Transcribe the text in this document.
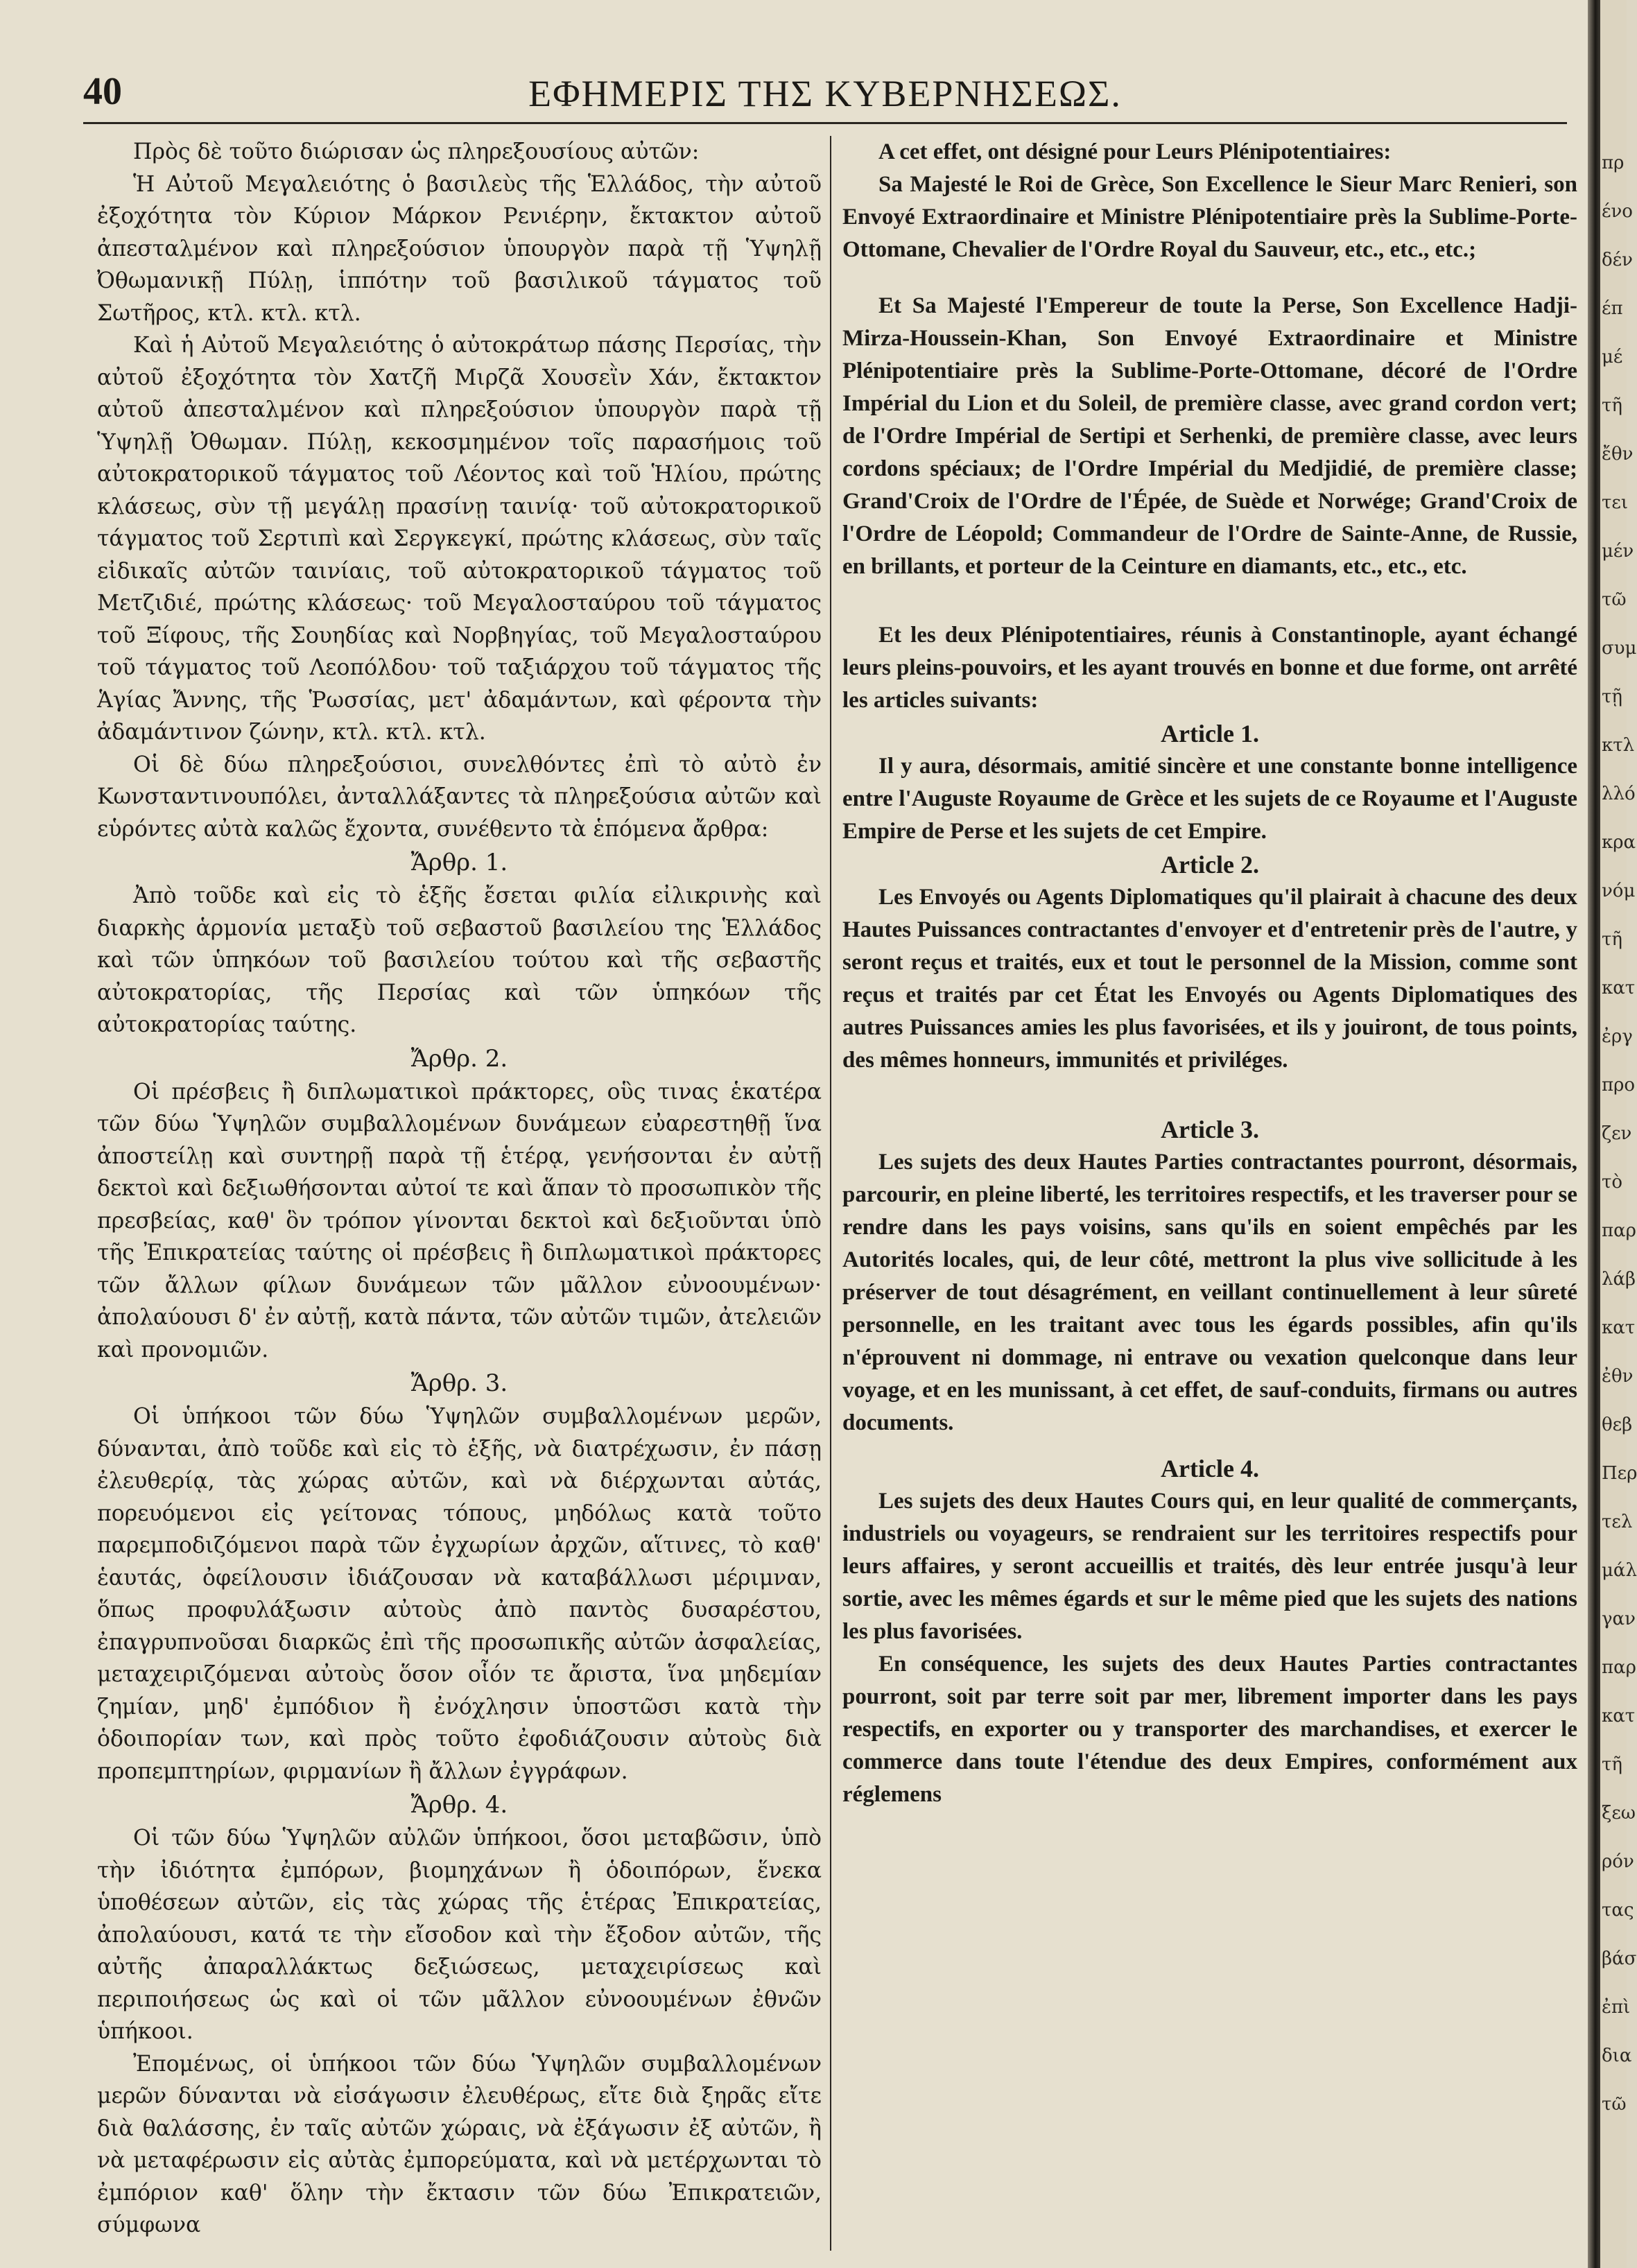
40	ΕΦΗΜΕΡΙΣ ΤΗΣ ΚΥΒΕΡΝΗΣΕΩΣ.

Πρὸς δὲ τοῦτο διώρισαν ὡς πληρεξουσίους αὐτῶν:

Ἡ Αὐτοῦ Μεγαλειότης ὁ βασιλεὺς τῆς Ἑλλάδος, τὴν αὐτοῦ ἐξοχότητα τὸν Κύριον Μάρκον Ρενιέρην, ἔκτακτον αὐτοῦ ἀπεσταλμένον καὶ πληρεξούσιον ὑπουργὸν παρὰ τῇ Ὑψηλῇ Ὀθωμανικῇ Πύλῃ, ἱππότην τοῦ βασιλικοῦ τάγματος τοῦ Σωτῆρος, κτλ. κτλ. κτλ.

Καὶ ἡ Αὐτοῦ Μεγαλειότης ὁ αὐτοκράτωρ πάσης Περσίας, τὴν αὐτοῦ ἐξοχότητα τὸν Χατζῆ Μιρζᾶ Χουσεῒν Χάν, ἔκτακτον αὐτοῦ ἀπεσταλμένον καὶ πληρεξούσιον ὑπουργὸν παρὰ τῇ Ὑψηλῇ Ὀθωμαν. Πύλῃ, κεκοσμημένον τοῖς παρασήμοις τοῦ αὐτοκρατορικοῦ τάγματος τοῦ Λέοντος καὶ τοῦ Ἡλίου, πρώτης κλάσεως, σὺν τῇ μεγάλῃ πρασίνῃ ταινίᾳ· τοῦ αὐτοκρατορικοῦ τάγματος τοῦ Σερτιπὶ καὶ Σεργκεγκί, πρώτης κλάσεως, σὺν ταῖς εἰδικαῖς αὐτῶν ταινίαις, τοῦ αὐτοκρατορικοῦ τάγματος τοῦ Μετζιδιέ, πρώτης κλάσεως· τοῦ Μεγαλοσταύρου τοῦ τάγματος τοῦ Ξίφους, τῆς Σουηδίας καὶ Νορβηγίας, τοῦ Μεγαλοσταύρου τοῦ τάγματος τοῦ Λεοπόλδου· τοῦ ταξιάρχου τοῦ τάγματος τῆς Ἁγίας Ἄννης, τῆς Ῥωσσίας, μετ' ἀδαμάντων, καὶ φέροντα τὴν ἀδαμάντινον ζώνην, κτλ. κτλ. κτλ.

Οἱ δὲ δύω πληρεξούσιοι, συνελθόντες ἐπὶ τὸ αὐτὸ ἐν Κωνσταντινουπόλει, ἀνταλλάξαντες τὰ πληρεξούσια αὐτῶν καὶ εὑρόντες αὐτὰ καλῶς ἔχοντα, συνέθεντο τὰ ἑπόμενα ἄρθρα:

Ἄρθρ. 1.

Ἀπὸ τοῦδε καὶ εἰς τὸ ἑξῆς ἔσεται φιλία εἰλικρινὴς καὶ διαρκὴς ἁρμονία μεταξὺ τοῦ σεβαστοῦ βασιλείου της Ἑλλάδος καὶ τῶν ὑπηκόων τοῦ βασιλείου τούτου καὶ τῆς σεβαστῆς αὐτοκρατορίας, τῆς Περσίας καὶ τῶν ὑπηκόων τῆς αὐτοκρατορίας ταύτης.

Ἄρθρ. 2.

Οἱ πρέσβεις ἢ διπλωματικοὶ πράκτορες, οὓς τινας ἑκατέρα τῶν δύω Ὑψηλῶν συμβαλλομένων δυνάμεων εὐαρεστηθῇ ἵνα ἀποστείλῃ καὶ συντηρῇ παρὰ τῇ ἑτέρᾳ, γενήσονται ἐν αὐτῇ δεκτοὶ καὶ δεξιωθήσονται αὐτοί τε καὶ ἅπαν τὸ προσωπικὸν τῆς πρεσβείας, καθ' ὃν τρόπον γίνονται δεκτοὶ καὶ δεξιοῦνται ὑπὸ τῆς Ἐπικρατείας ταύτης οἱ πρέσβεις ἢ διπλωματικοὶ πράκτορες τῶν ἄλλων φίλων δυνάμεων τῶν μᾶλλον εὐνοουμένων· ἀπολαύουσι δ' ἐν αὐτῇ, κατὰ πάντα, τῶν αὐτῶν τιμῶν, ἀτελειῶν καὶ προνομιῶν.

Ἄρθρ. 3.

Οἱ ὑπήκοοι τῶν δύω Ὑψηλῶν συμβαλλομένων μερῶν, δύνανται, ἀπὸ τοῦδε καὶ εἰς τὸ ἑξῆς, νὰ διατρέχωσιν, ἐν πάσῃ ἐλευθερίᾳ, τὰς χώρας αὐτῶν, καὶ νὰ διέρχωνται αὐτάς, πορευόμενοι εἰς γείτονας τόπους, μηδόλως κατὰ τοῦτο παρεμποδιζόμενοι παρὰ τῶν ἐγχωρίων ἀρχῶν, αἵτινες, τὸ καθ' ἑαυτάς, ὀφείλουσιν ἰδιάζουσαν νὰ καταβάλλωσι μέριμναν, ὅπως προφυλάξωσιν αὐτοὺς ἀπὸ παντὸς δυσαρέστου, ἐπαγρυπνοῦσαι διαρκῶς ἐπὶ τῆς προσωπικῆς αὐτῶν ἀσφαλείας, μεταχειριζόμεναι αὐτοὺς ὅσον οἷόν τε ἄριστα, ἵνα μηδεμίαν ζημίαν, μηδ' ἐμπόδιον ἢ ἐνόχλησιν ὑποστῶσι κατὰ τὴν ὁδοιπορίαν των, καὶ πρὸς τοῦτο ἐφοδιάζουσιν αὐτοὺς διὰ προπεμπτηρίων, φιρμανίων ἢ ἄλλων ἐγγράφων.

Ἄρθρ. 4.

Οἱ τῶν δύω Ὑψηλῶν αὐλῶν ὑπήκοοι, ὅσοι μεταβῶσιν, ὑπὸ τὴν ἰδιότητα ἐμπόρων, βιομηχάνων ἢ ὁδοιπόρων, ἕνεκα ὑποθέσεων αὐτῶν, εἰς τὰς χώρας τῆς ἑτέρας Ἐπικρατείας, ἀπολαύουσι, κατά τε τὴν εἴσοδον καὶ τὴν ἔξοδον αὐτῶν, τῆς αὐτῆς ἀπαραλλάκτως δεξιώσεως, μεταχειρίσεως καὶ περιποιήσεως ὡς καὶ οἱ τῶν μᾶλλον εὐνοουμένων ἐθνῶν ὑπήκοοι.

Ἐπομένως, οἱ ὑπήκοοι τῶν δύω Ὑψηλῶν συμβαλλομένων μερῶν δύνανται νὰ εἰσάγωσιν ἐλευθέρως, εἴτε διὰ ξηρᾶς εἴτε διὰ θαλάσσης, ἐν ταῖς αὐτῶν χώραις, νὰ ἐξάγωσιν ἐξ αὐτῶν, ἢ νὰ μεταφέρωσιν εἰς αὐτὰς ἐμπορεύματα, καὶ νὰ μετέρχωνται τὸ ἐμπόριον καθ' ὅλην τὴν ἔκτασιν τῶν δύω Ἐπικρατειῶν, σύμφωνα

A cet effet, ont désigné pour Leurs Plénipotentiaires:

Sa Majesté le Roi de Grèce, Son Excellence le Sieur Marc Renieri, son Envoyé Extraordinaire et Ministre Plénipotentiaire près la Sublime-Porte-Ottomane, Chevalier de l'Ordre Royal du Sauveur, etc., etc., etc.;

Et Sa Majesté l'Empereur de toute la Perse, Son Excellence Hadji-Mirza-Houssein-Khan, Son Envoyé Extraordinaire et Ministre Plénipotentiaire près la Sublime-Porte-Ottomane, décoré de l'Ordre Impérial du Lion et du Soleil, de première classe, avec grand cordon vert; de l'Ordre Impérial de Sertipi et Serhenki, de première classe, avec leurs cordons spéciaux; de l'Ordre Impérial du Medjidié, de première classe; Grand'Croix de l'Ordre de l'Épée, de Suède et Norwége; Grand'Croix de l'Ordre de Léopold; Commandeur de l'Ordre de Sainte-Anne, de Russie, en brillants, et porteur de la Ceinture en diamants, etc., etc., etc.

Et les deux Plénipotentiaires, réunis à Constantinople, ayant échangé leurs pleins-pouvoirs, et les ayant trouvés en bonne et due forme, ont arrêté les articles suivants:

Article 1.

Il y aura, désormais, amitié sincère et une constante bonne intelligence entre l'Auguste Royaume de Grèce et les sujets de ce Royaume et l'Auguste Empire de Perse et les sujets de cet Empire.

Article 2.

Les Envoyés ou Agents Diplomatiques qu'il plairait à chacune des deux Hautes Puissances contractantes d'envoyer et d'entretenir près de l'autre, y seront reçus et traités, eux et tout le personnel de la Mission, comme sont reçus et traités par cet État les Envoyés ou Agents Diplomatiques des autres Puissances amies les plus favorisées, et ils y jouiront, de tous points, des mêmes honneurs, immunités et priviléges.

Article 3.

Les sujets des deux Hautes Parties contractantes pourront, désormais, parcourir, en pleine liberté, les territoires respectifs, et les traverser pour se rendre dans les pays voisins, sans qu'ils en soient empêchés par les Autorités locales, qui, de leur côté, mettront la plus vive sollicitude à les préserver de tout désagrément, en veillant continuellement à leur sûreté personnelle, en les traitant avec tous les égards possibles, afin qu'ils n'éprouvent ni dommage, ni entrave ou vexation quelconque dans leur voyage, et en les munissant, à cet effet, de sauf-conduits, firmans ou autres documents.

Article 4.

Les sujets des deux Hautes Cours qui, en leur qualité de commerçants, industriels ou voyageurs, se rendraient sur les territoires respectifs pour leurs affaires, y seront accueillis et traités, dès leur entrée jusqu'à leur sortie, avec les mêmes égards et sur le même pied que les sujets des nations les plus favorisées.

En conséquence, les sujets des deux Hautes Parties contractantes pourront, soit par terre soit par mer, librement importer dans les pays respectifs, en exporter ou y transporter des marchandises, et exercer le commerce dans toute l'étendue des deux Empires, conformément aux réglemens

πρ
ένο
δέν
έπ
μέ
τῆ
ἔθν
τει
μέν
τῶ
συμ
τῇ
κτλ
λλό
κρα
νόμ
τῆ
κατ
ἐργ
προ
ζεν
τὸ
παρ
λάβ
κατ
ἐθν
θεβ
Περ
τελ
μάλ
γαν
παρ
κατ
τῆ
ξεω
ρόν
τας
βάσ
ἐπὶ
δια
τῶ
